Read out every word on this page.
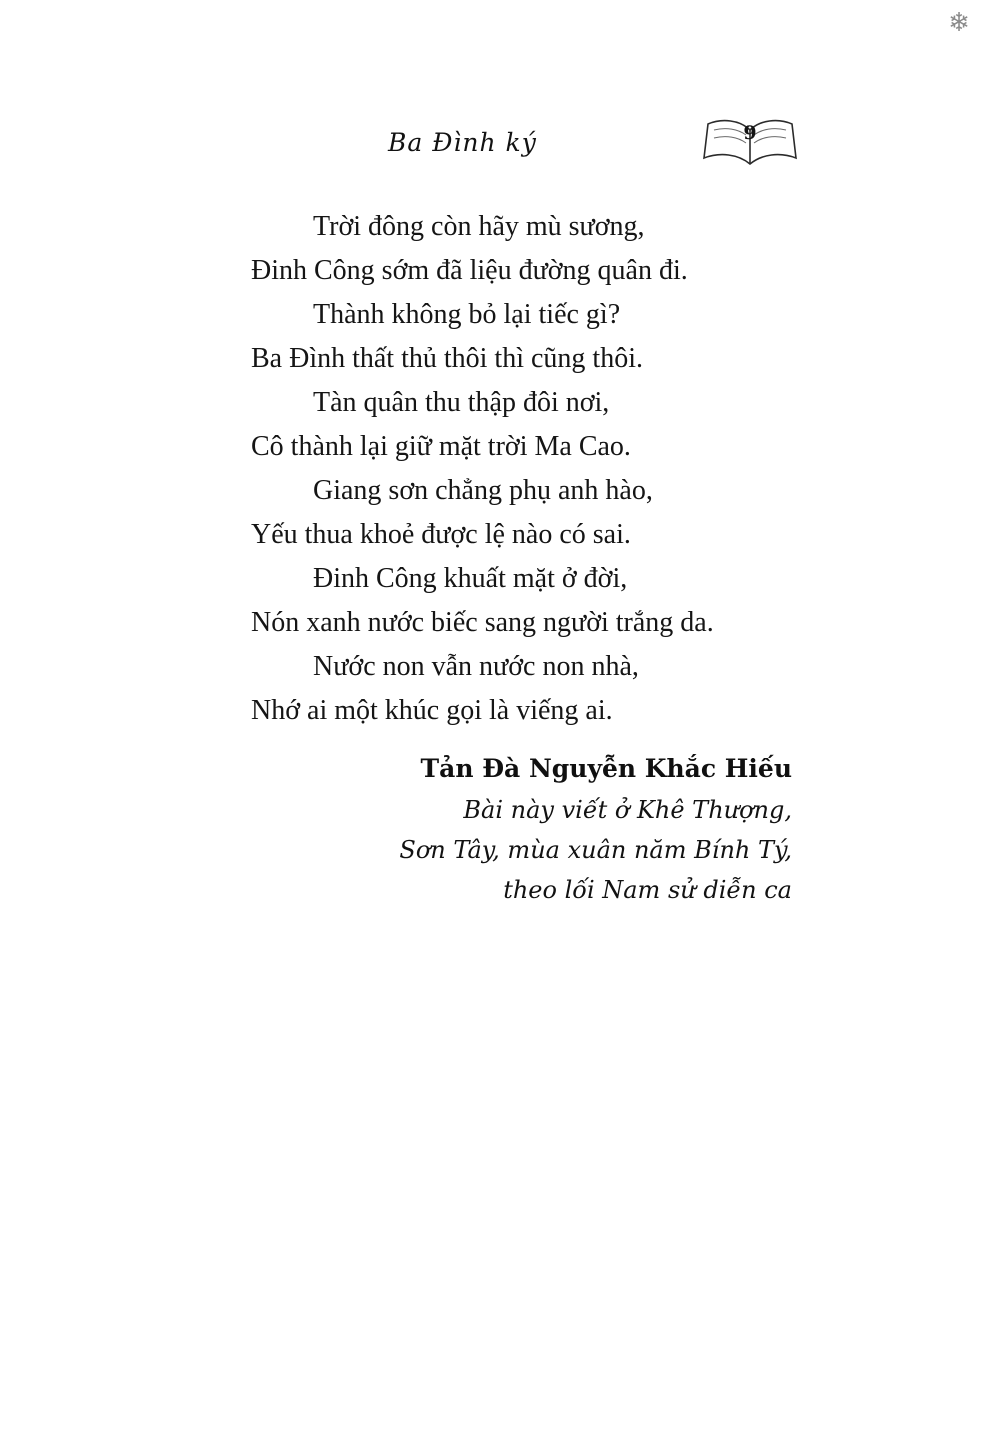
❄
Ba Đình ký	9
Trời đông còn hãy mù sương,
Đinh Công sớm đã liệu đường quân đi.
Thành không bỏ lại tiếc gì?
Ba Đình thất thủ thôi thì cũng thôi.
Tàn quân thu thập đôi nơi,
Cô thành lại giữ mặt trời Ma Cao.
Giang sơn chẳng phụ anh hào,
Yếu thua khoẻ được lệ nào có sai.
Đinh Công khuất mặt ở đời,
Nón xanh nước biếc sang người trắng da.
Nước non vẫn nước non nhà,
Nhớ ai một khúc gọi là viếng ai.
Tản Đà Nguyễn Khắc Hiếu
Bài này viết ở Khê Thượng,
Sơn Tây, mùa xuân năm Bính Tý,
theo lối Nam sử diễn ca
